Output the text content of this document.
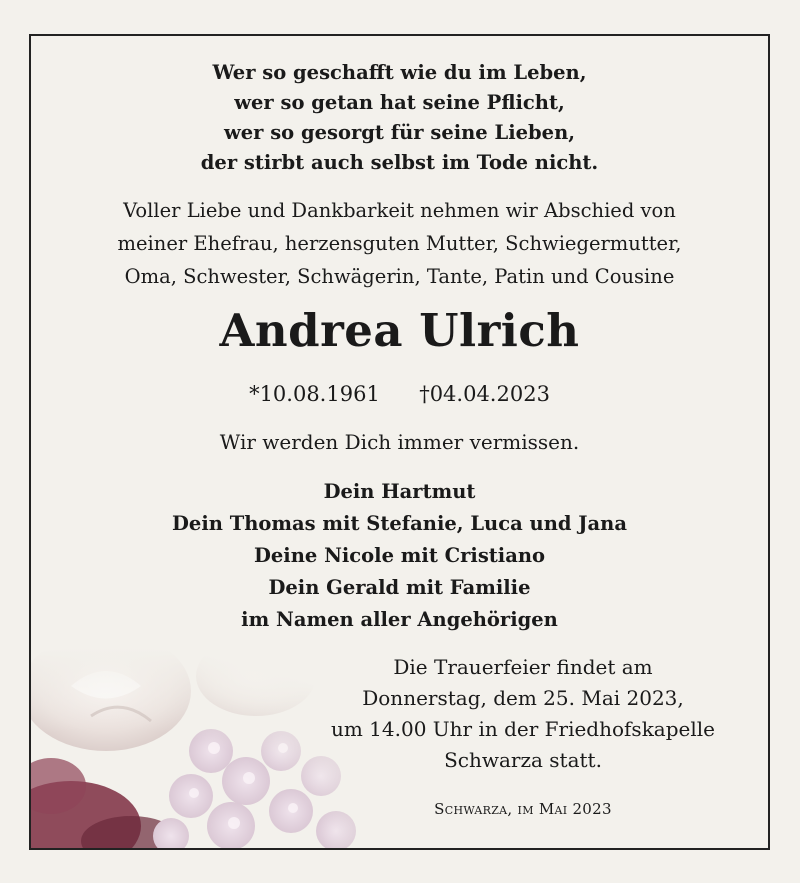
Wer so geschafft wie du im Leben,
wer so getan hat seine Pflicht,
wer so gesorgt für seine Lieben,
der stirbt auch selbst im Tode nicht.
Voller Liebe und Dankbarkeit nehmen wir Abschied von
meiner Ehefrau, herzensguten Mutter, Schwiegermutter,
Oma, Schwester, Schwägerin, Tante, Patin und Cousine
Andrea Ulrich
*10.08.1961 †04.04.2023
Wir werden Dich immer vermissen.
Dein Hartmut
Dein Thomas mit Stefanie, Luca und Jana
Deine Nicole mit Cristiano
Dein Gerald mit Familie
im Namen aller Angehörigen
Die Trauerfeier findet am
Donnerstag, dem 25. Mai 2023,
um 14.00 Uhr in der Friedhofskapelle
Schwarza statt.
Schwarza, im Mai 2023
